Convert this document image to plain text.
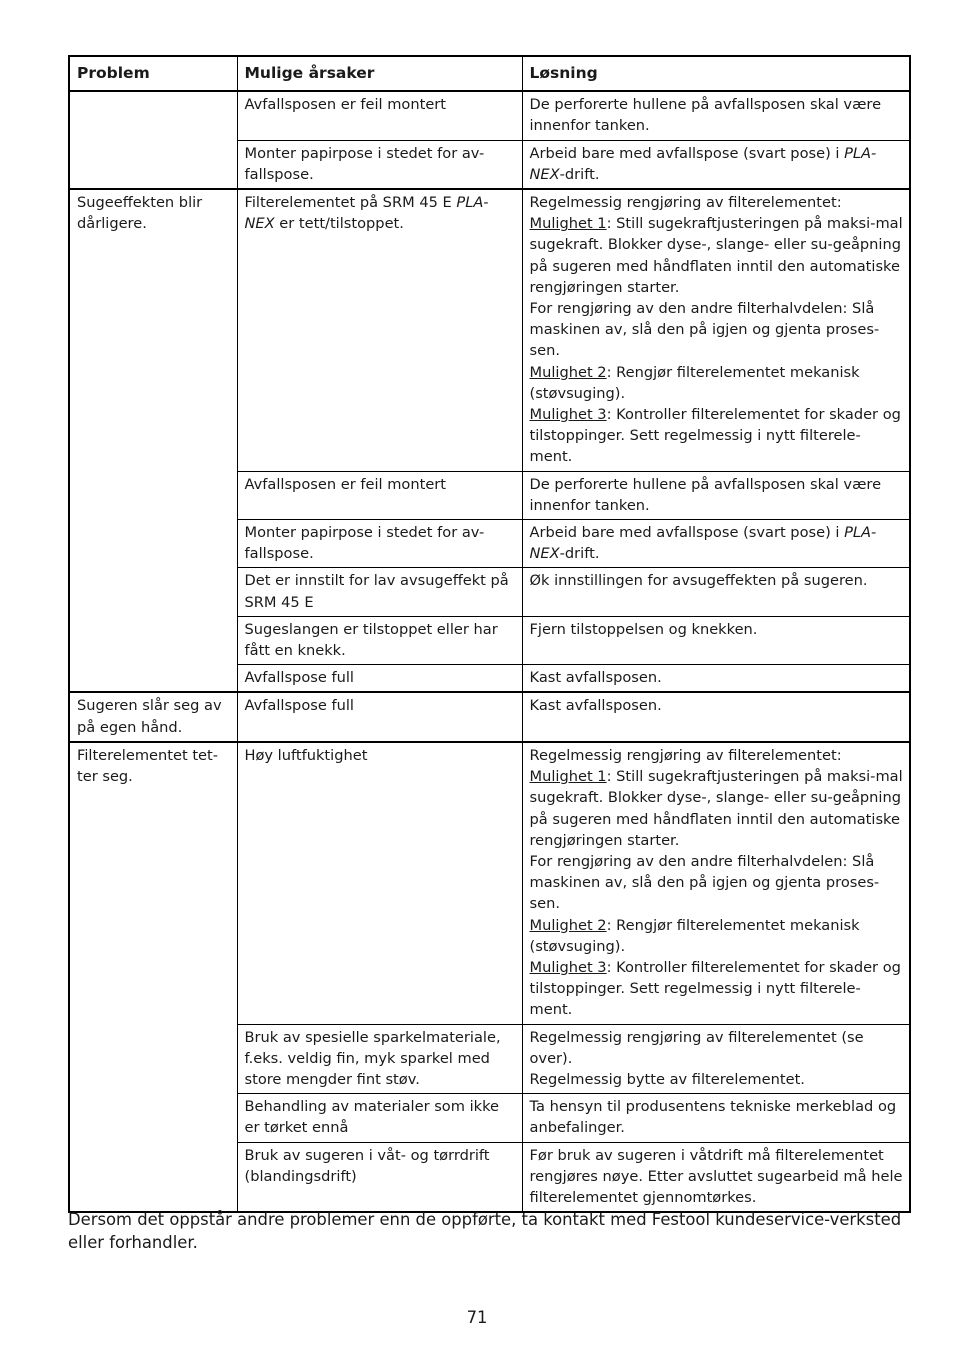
Problem	Mulige årsaker	Løsning
	Avfallsposen er feil montert	De perforerte hullene på avfallsposen skal være innenfor tanken.
	Monter papirpose i stedet for av-fallspose.	Arbeid bare med avfallspose (svart pose) i PLA-NEX-drift.
Sugeeffekten blir dårligere.	Filterelementet på SRM 45 E PLA-NEX er tett/tilstoppet.	Regelmessig rengjøring av filterelementet:
Mulighet 1: Still sugekraftjusteringen på maksi-mal sugekraft. Blokker dyse-, slange- eller su-geåpning på sugeren med håndflaten inntil den automatiske rengjøringen starter.
For rengjøring av den andre filterhalvdelen: Slå maskinen av, slå den på igjen og gjenta proses-sen.
Mulighet 2: Rengjør filterelementet mekanisk (støvsuging).
Mulighet 3: Kontroller filterelementet for skader og tilstoppinger. Sett regelmessig i nytt filterele-ment.

	Avfallsposen er feil montert	De perforerte hullene på avfallsposen skal være innenfor tanken.
	Monter papirpose i stedet for av-fallspose.	Arbeid bare med avfallspose (svart pose) i PLA-NEX-drift.
	Det er innstilt for lav avsugeffekt på SRM 45 E	Øk innstillingen for avsugeffekten på sugeren.
	Sugeslangen er tilstoppet eller har fått en knekk.	Fjern tilstoppelsen og knekken.
	Avfallspose full	Kast avfallsposen.
Sugeren slår seg av på egen hånd.	Avfallspose full	Kast avfallsposen.
Filterelementet tet-ter seg.	Høy luftfuktighet	Regelmessig rengjøring av filterelementet:
Mulighet 1: Still sugekraftjusteringen på maksi-mal sugekraft. Blokker dyse-, slange- eller su-geåpning på sugeren med håndflaten inntil den automatiske rengjøringen starter.
For rengjøring av den andre filterhalvdelen: Slå maskinen av, slå den på igjen og gjenta proses-sen.
Mulighet 2: Rengjør filterelementet mekanisk (støvsuging).
Mulighet 3: Kontroller filterelementet for skader og tilstoppinger. Sett regelmessig i nytt filterele-ment.

	Bruk av spesielle sparkelmateriale, f.eks. veldig fin, myk sparkel med store mengder fint støv.	Regelmessig rengjøring av filterelementet (se over).
Regelmessig bytte av filterelementet.

	Behandling av materialer som ikke er tørket ennå	Ta hensyn til produsentens tekniske merkeblad og anbefalinger.
	Bruk av sugeren i våt- og tørrdrift (blandingsdrift)	Før bruk av sugeren i våtdrift må filterelementet rengjøres nøye. Etter avsluttet sugearbeid må hele filterelementet gjennomtørkes.
Dersom det oppstår andre problemer enn de oppførte, ta kontakt med Festool kundeservice-verksted eller forhandler.
71
